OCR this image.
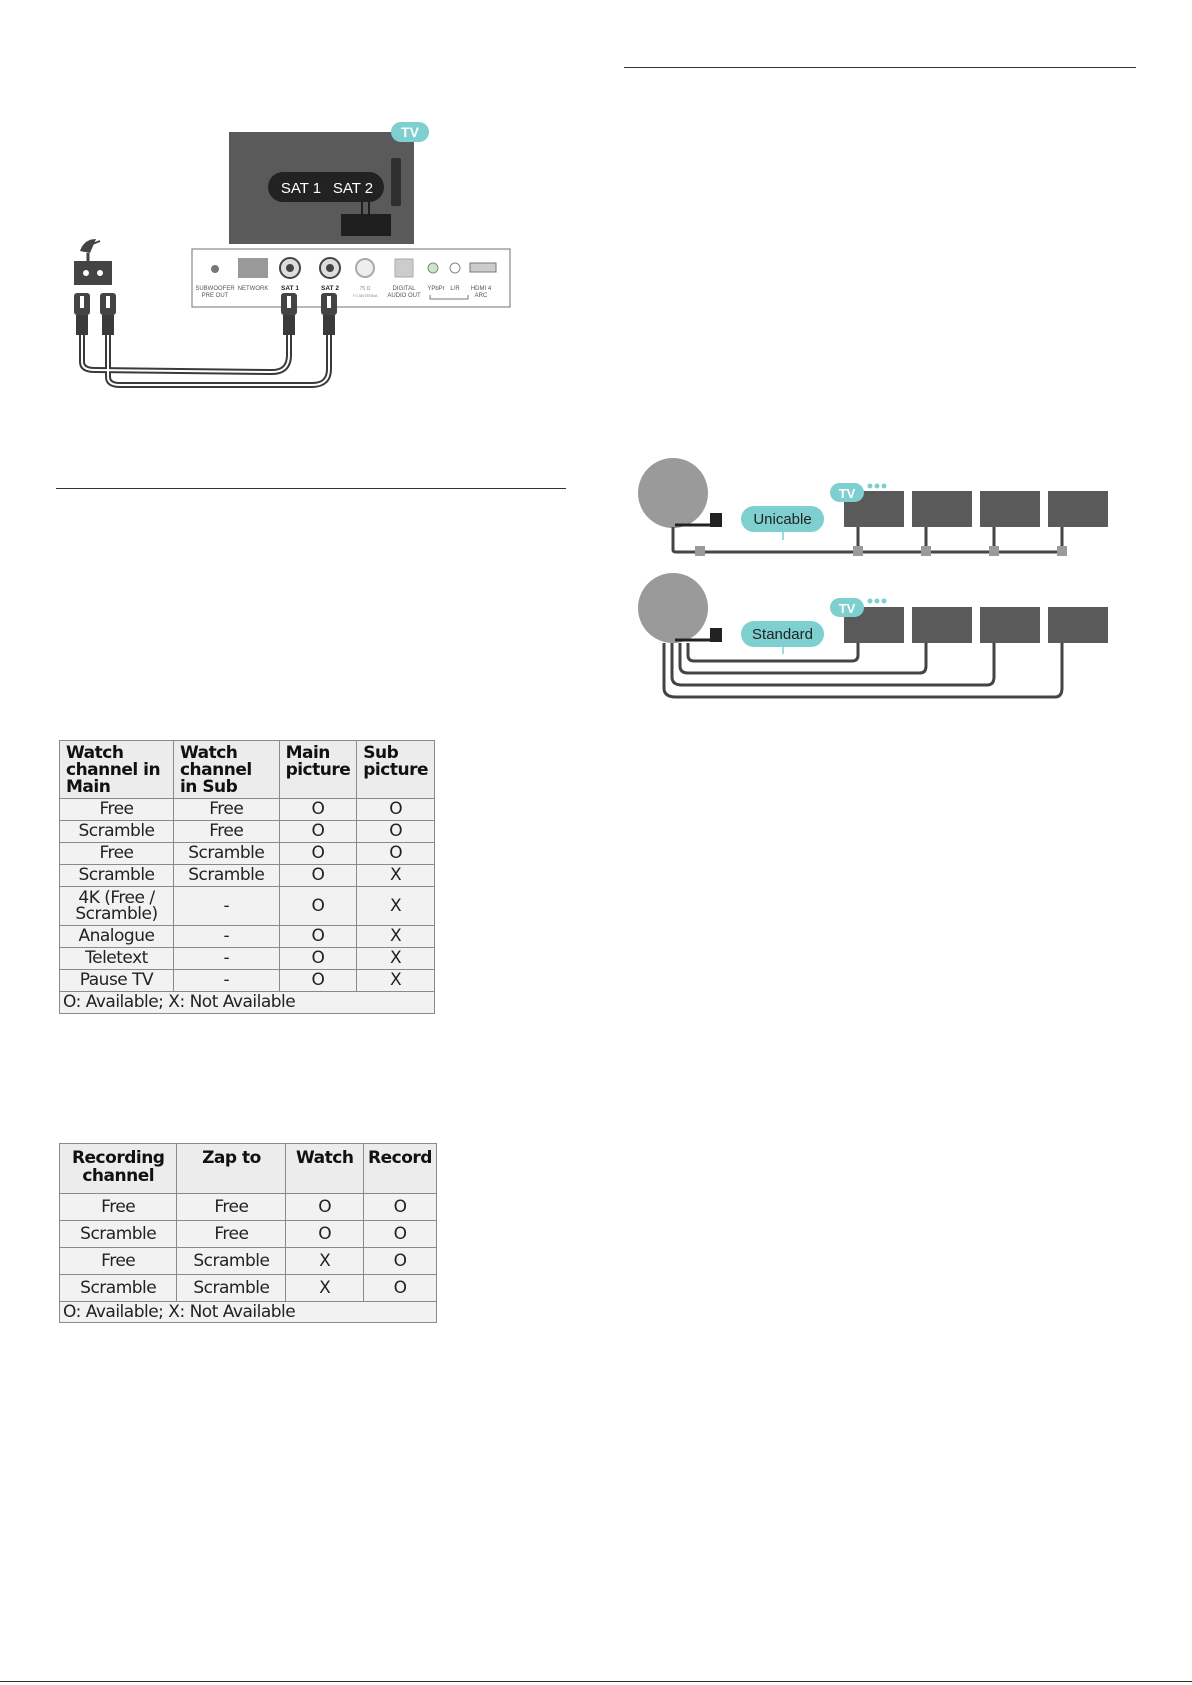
TV
SAT 1 SAT 2
SUBWOOFER
PRE OUT
NETWORK SAT 1	SAT 2	75 Ω
TV ANTENNA
DIGITAL
AUDIO OUT
YPbPr L/R HDMI 4
ARC
TV
Unicable
TV
Standard
Watch channel in Main	Watch channel in Sub	Main picture	Sub picture
Free	Free	O	O
Scramble	Free	O	O
Free	Scramble	O	O
Scramble	Scramble	O	X
4K (Free / Scramble)	-	O	X
Analogue	-	O	X
Teletext	-	O	X
Pause TV	-	O	X
O: Available; X: Not Available			
Recording channel	Zap to	Watch	Record
Free	Free	O	O
Scramble	Free	O	O
Free	Scramble	X	O
Scramble	Scramble	X	O
O: Available; X: Not Available			
